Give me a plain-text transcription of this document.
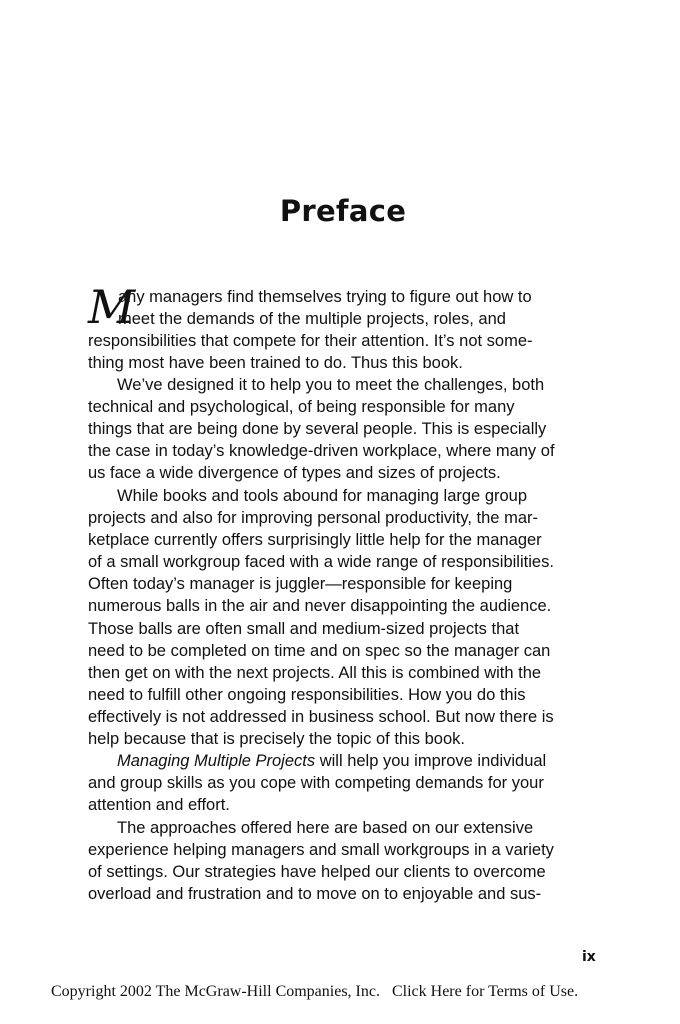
Preface
M
any managers find themselves trying to figure out how to
meet the demands of the multiple projects, roles, and
responsibilities that compete for their attention. It’s not some-
thing most have been trained to do. Thus this book.
We’ve designed it to help you to meet the challenges, both
technical and psychological, of being responsible for many
things that are being done by several people. This is especially
the case in today’s knowledge-driven workplace, where many of
us face a wide divergence of types and sizes of projects.
While books and tools abound for managing large group
projects and also for improving personal productivity, the mar-
ketplace currently offers surprisingly little help for the manager
of a small workgroup faced with a wide range of responsibilities.
Often today’s manager is juggler—responsible for keeping
numerous balls in the air and never disappointing the audience.
Those balls are often small and medium-sized projects that
need to be completed on time and on spec so the manager can
then get on with the next projects. All this is combined with the
need to fulfill other ongoing responsibilities. How you do this
effectively is not addressed in business school. But now there is
help because that is precisely the topic of this book.
Managing Multiple Projects will help you improve individual
and group skills as you cope with competing demands for your
attention and effort.
The approaches offered here are based on our extensive
experience helping managers and small workgroups in a variety
of settings. Our strategies have helped our clients to overcome
overload and frustration and to move on to enjoyable and sus-
ix
Copyright 2002 The McGraw-Hill Companies, Inc. Click Here for Terms of Use.
